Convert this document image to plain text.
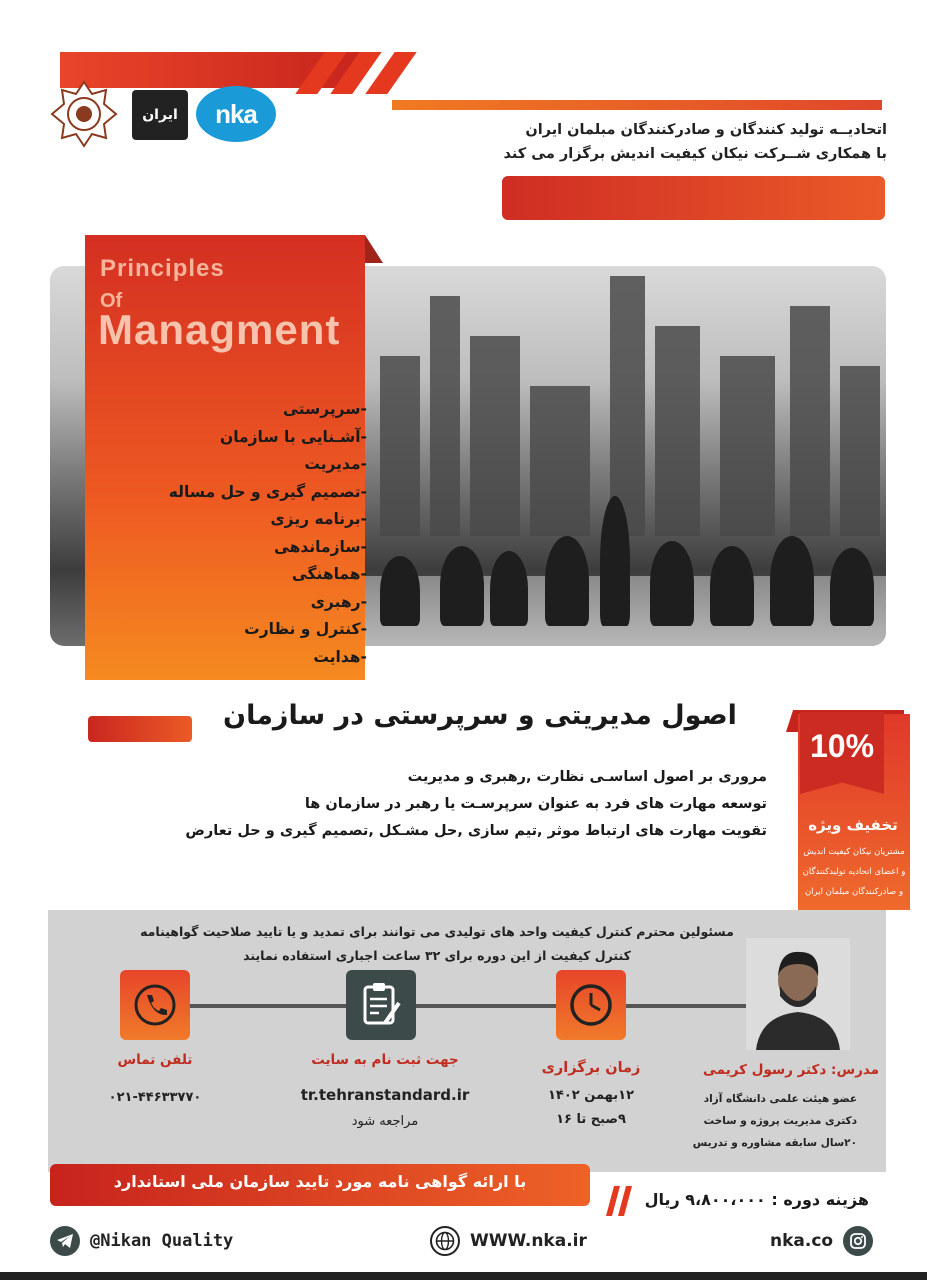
ایران	nka
اتحادیــه تولید کنندگان و صادرکنندگان مبلمان ایران
با همکاری شــرکت نیکان کیفیت اندیش برگزار می کند
Principles
Of
Managment
-سرپرستی
-آشـنایی با سازمان
-مدیریت
-تصمیم گیری و حل مساله
-برنامه ریزی
-سازماندهی
-هماهنگی
-رهبری
-کنترل و نظارت
-هدایت
اصول مدیریتی و سرپرستی در سازمان
مروری بر اصول اساسـی نظارت ,رهبری و مدیریت
توسعه مهارت های فرد به عنوان سرپرسـت یا رهبر در سازمان ها
تقویت مهارت های ارتباط موثر ,تیم سازی ,حل مشـکل ,تصمیم گیری و حل تعارض
10%
تخفیف ویژه
مشتریان نیکان کیفیت اندیش
و اعضای اتحادیه تولیدکنندگان
و صادرکنندگان مبلمان ایران
مسئولین محترم کنترل کیفیت واحد های تولیدی می توانند برای تمدید و یا تایید صلاحیت گواهینامه
کنترل کیفیت از این دوره برای ۳۲ ساعت اجباری استفاده نمایند
تلفن تماس
۰۲۱-۴۴۶۳۳۷۷۰
جهت ثبت نام به سایت
tr.tehranstandard.ir
مراجعه شود
زمان برگزاری
۱۲بهمن ۱۴۰۲
۹صبح تا ۱۶
مدرس: دکتر رسول کریمی
عضو هیئت علمی دانشگاه آزاد
دکتری مدیریت پروژه و ساخت
۲۰سال سابقه مشاوره و تدریس
با ارائه گواهی نامه مورد تایید سازمان ملی استاندارد
هزینه دوره : ۹،۸۰۰،۰۰۰ ریال
@Nikan Quality	WWW.nka.ir	nka.co
